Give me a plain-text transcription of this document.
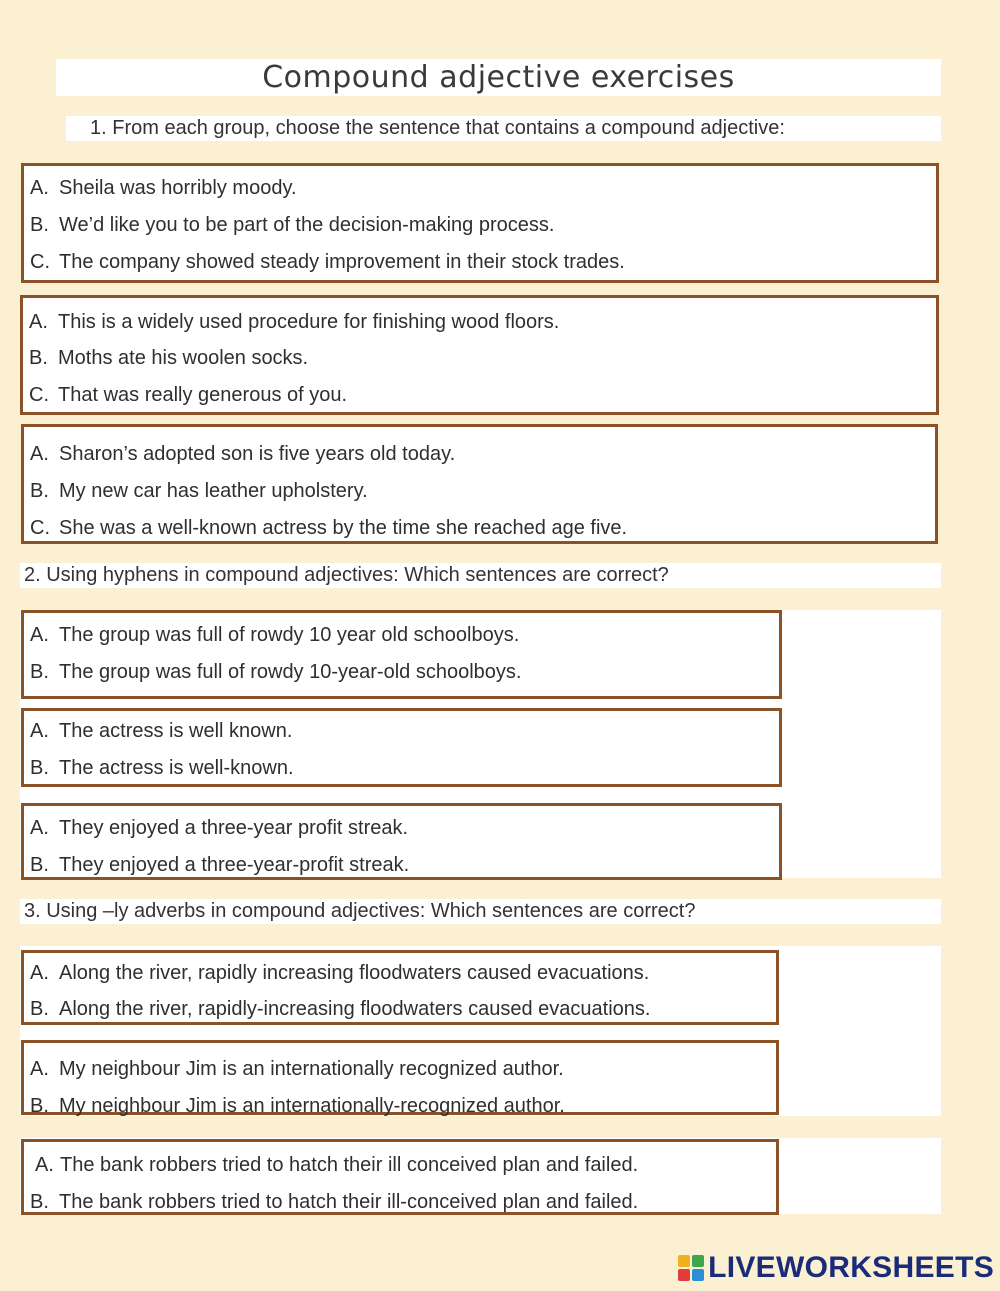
Compound adjective exercises
1. From each group, choose the sentence that contains a compound adjective:
A. Sheila was horribly moody.
B. We’d like you to be part of the decision-making process.
C. The company showed steady improvement in their stock trades.
A. This is a widely used procedure for finishing wood floors.
B. Moths ate his woolen socks.
C. That was really generous of you.
A. Sharon’s adopted son is five years old today.
B. My new car has leather upholstery.
C. She was a well-known actress by the time she reached age five.
2. Using hyphens in compound adjectives: Which sentences are correct?
A. The group was full of rowdy 10 year old schoolboys.
B. The group was full of rowdy 10-year-old schoolboys.
A. The actress is well known.
B. The actress is well-known.
A. They enjoyed a three-year profit streak.
B. They enjoyed a three-year-profit streak.
3. Using –ly adverbs in compound adjectives: Which sentences are correct?
A. Along the river, rapidly increasing floodwaters caused evacuations.
B. Along the river, rapidly-increasing floodwaters caused evacuations.
A. My neighbour Jim is an internationally recognized author.
B. My neighbour Jim is an internationally-recognized author.
A. The bank robbers tried to hatch their ill conceived plan and failed.
B. The bank robbers tried to hatch their ill-conceived plan and failed.
LIVEWORKSHEETS
